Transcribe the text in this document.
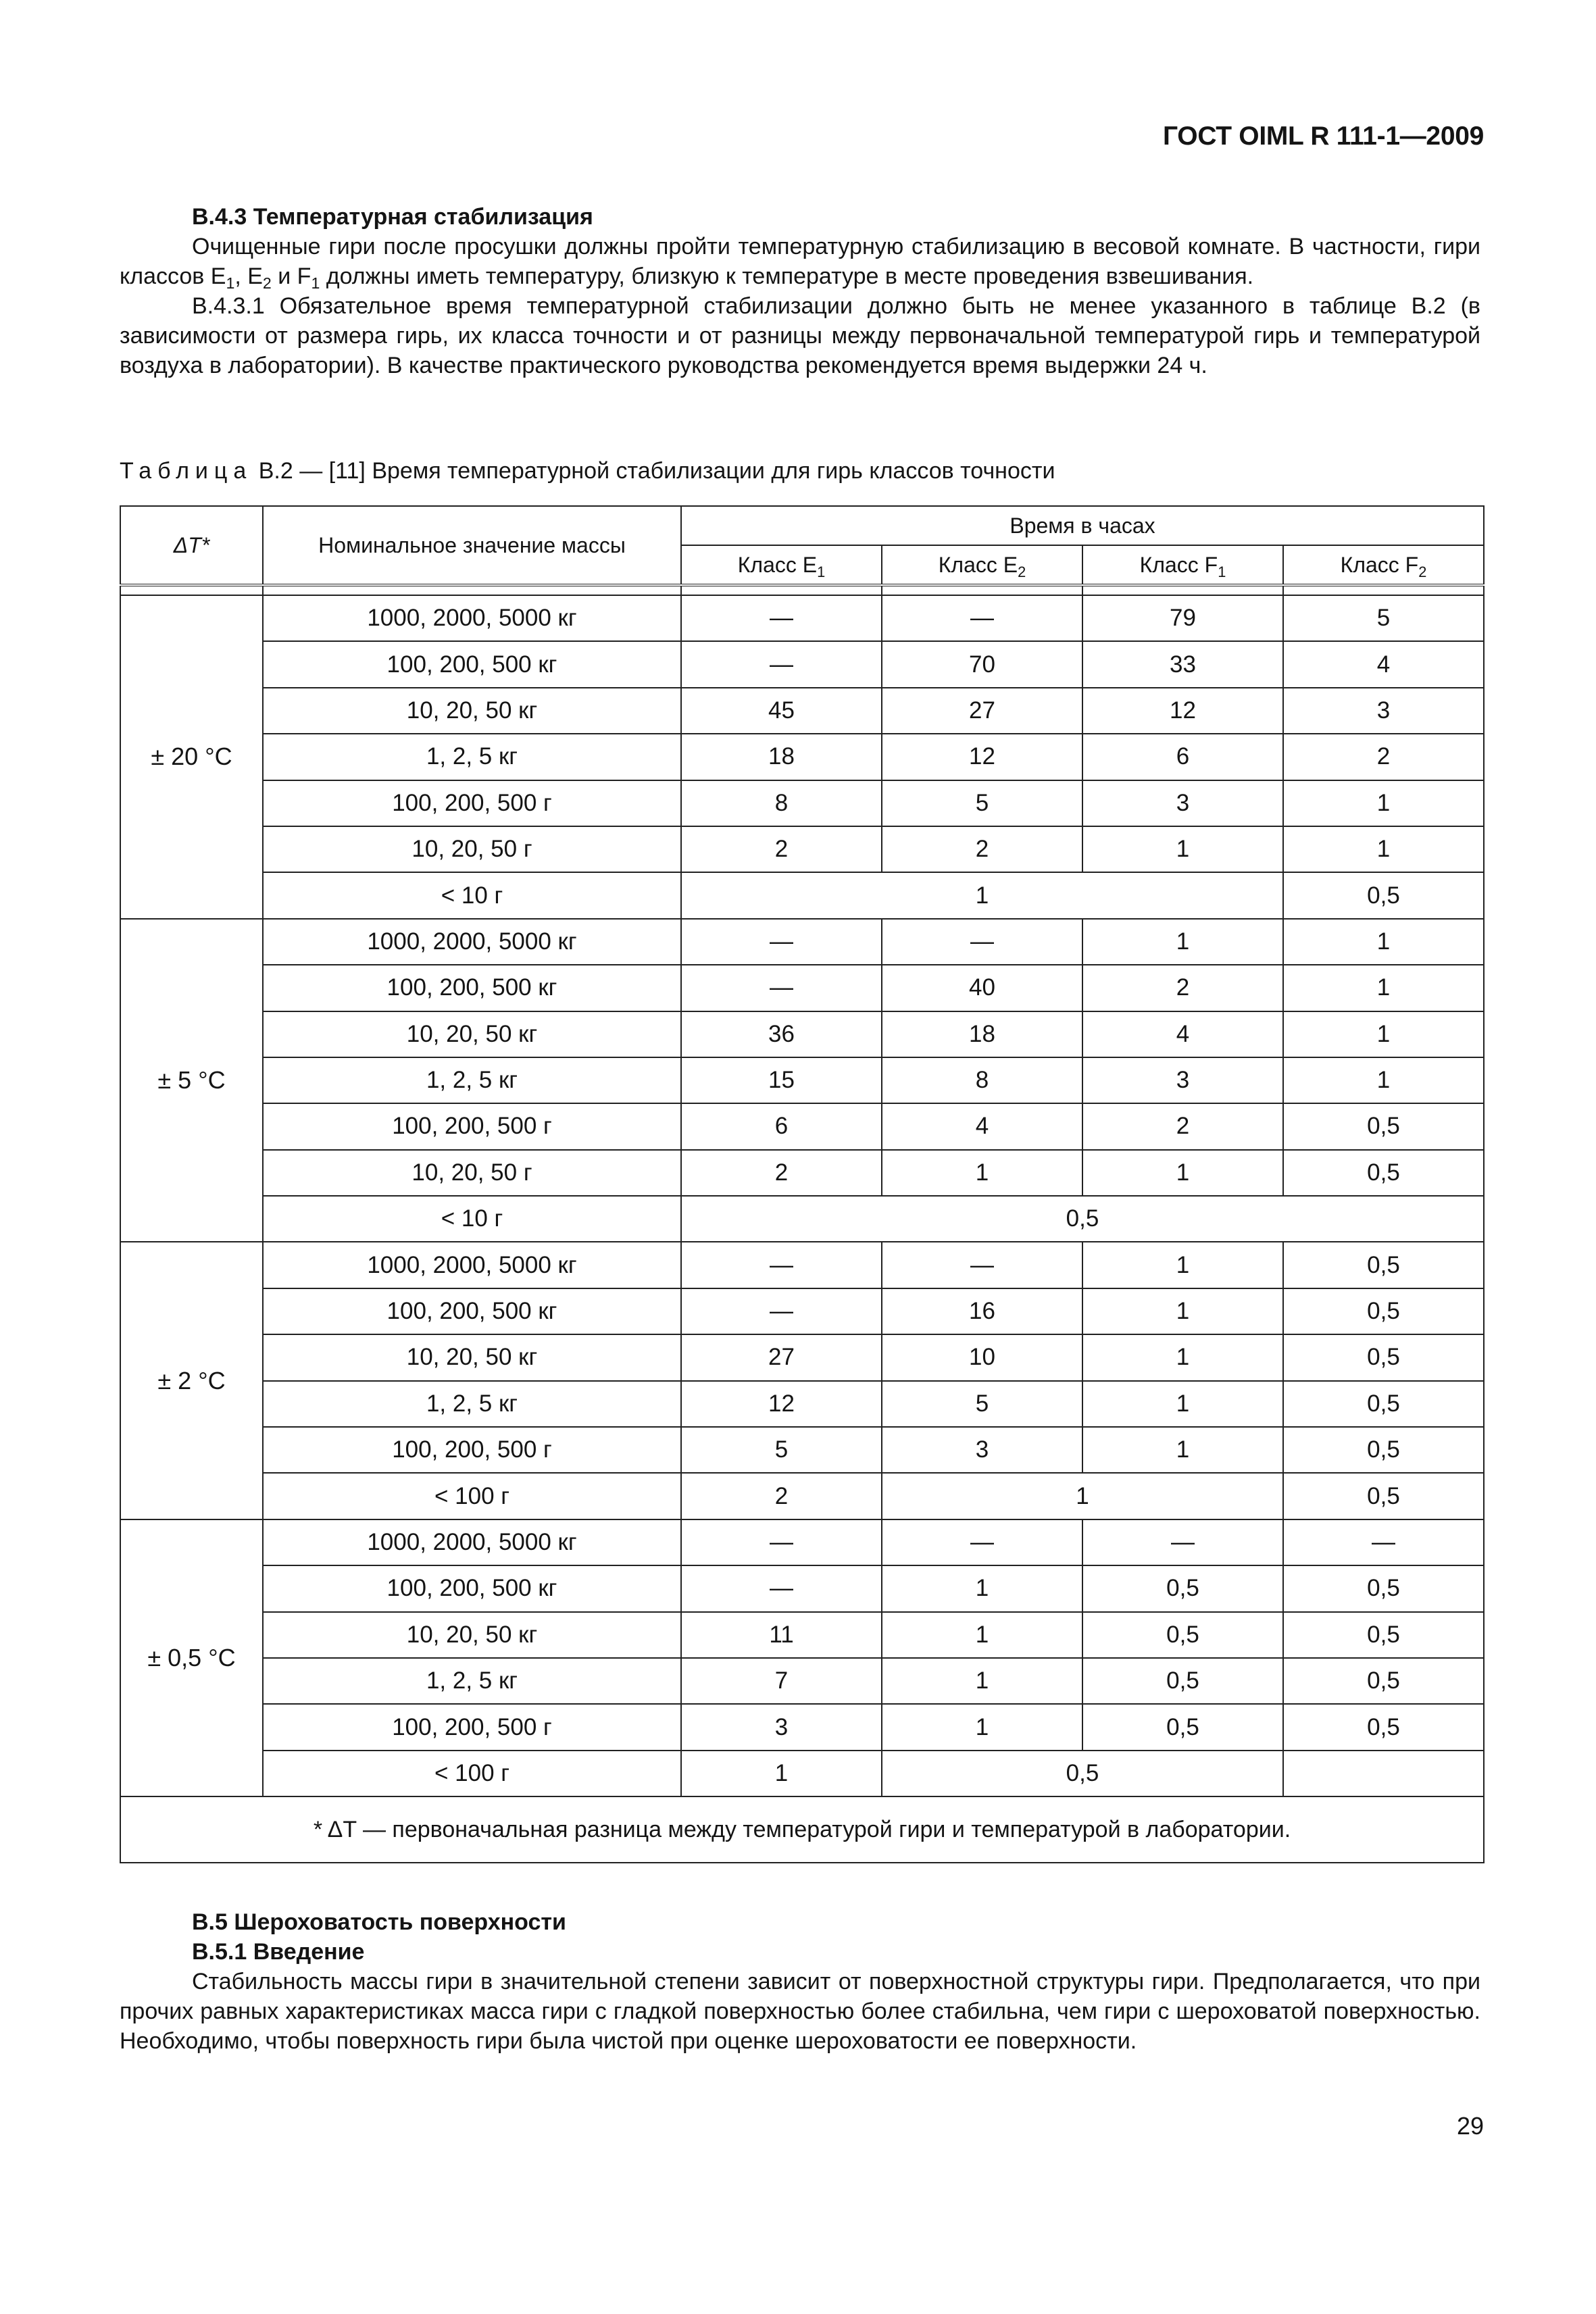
ГОСТ OIML R 111-1—2009
В.4.3 Температурная стабилизация

Очищенные гири после просушки должны пройти температурную стабилизацию в весовой комнате. В частности, гири классов $E_1$, $E_2$ и $F_1$ должны иметь температуру, близкую к температуре в месте проведения взвешивания.

В.4.3.1 Обязательное время температурной стабилизации должно быть не менее указанного в таблице В.2 (в зависимости от размера гирь, их класса точности и от разницы между первоначальной температурой гирь и температурой воздуха в лаборатории). В качестве практического руководства рекомендуется время выдержки 24 ч.

Таблица В.2 — [11] Время температурной стабилизации для гирь классов точности
ΔT*	Номинальное значение массы	Время в часах			
		Класс $E_1$	Класс $E_2$	Класс $F_1$	Класс $F_2$

± 20 °C	1000, 2000, 5000 кг	—	—	79	5
	100, 200, 500 кг	—	70	33	4
	10, 20, 50 кг	45	27	12	3
	1, 2, 5 кг	18	12	6	2
	100, 200, 500 г	8	5	3	1
	10, 20, 50 г	2	2	1	1
	< 10 г	1			0,5
± 5 °C	1000, 2000, 5000 кг	—	—	1	1
	100, 200, 500 кг	—	40	2	1
	10, 20, 50 кг	36	18	4	1
	1, 2, 5 кг	15	8	3	1
	100, 200, 500 г	6	4	2	0,5
	10, 20, 50 г	2	1	1	0,5
	< 10 г	0,5			
± 2 °C	1000, 2000, 5000 кг	—	—	1	0,5
	100, 200, 500 кг	—	16	1	0,5
	10, 20, 50 кг	27	10	1	0,5
	1, 2, 5 кг	12	5	1	0,5
	100, 200, 500 г	5	3	1	0,5
	< 100 г	2	1		0,5
± 0,5 °C	1000, 2000, 5000 кг	—	—	—	—
	100, 200, 500 кг	—	1	0,5	0,5
	10, 20, 50 кг	11	1	0,5	0,5
	1, 2, 5 кг	7	1	0,5	0,5
	100, 200, 500 г	3	1	0,5	0,5
	< 100 г	1	0,5		
* ΔT — первоначальная разница между температурой гири и температурой в лаборатории.					
В.5 Шероховатость поверхности
В.5.1 Введение

Стабильность массы гири в значительной степени зависит от поверхностной структуры гири. Предполагается, что при прочих равных характеристиках масса гири с гладкой поверхностью более стабильна, чем гири с шероховатой поверхностью. Необходимо, чтобы поверхность гири была чистой при оценке шероховатости ее поверхности.

29
